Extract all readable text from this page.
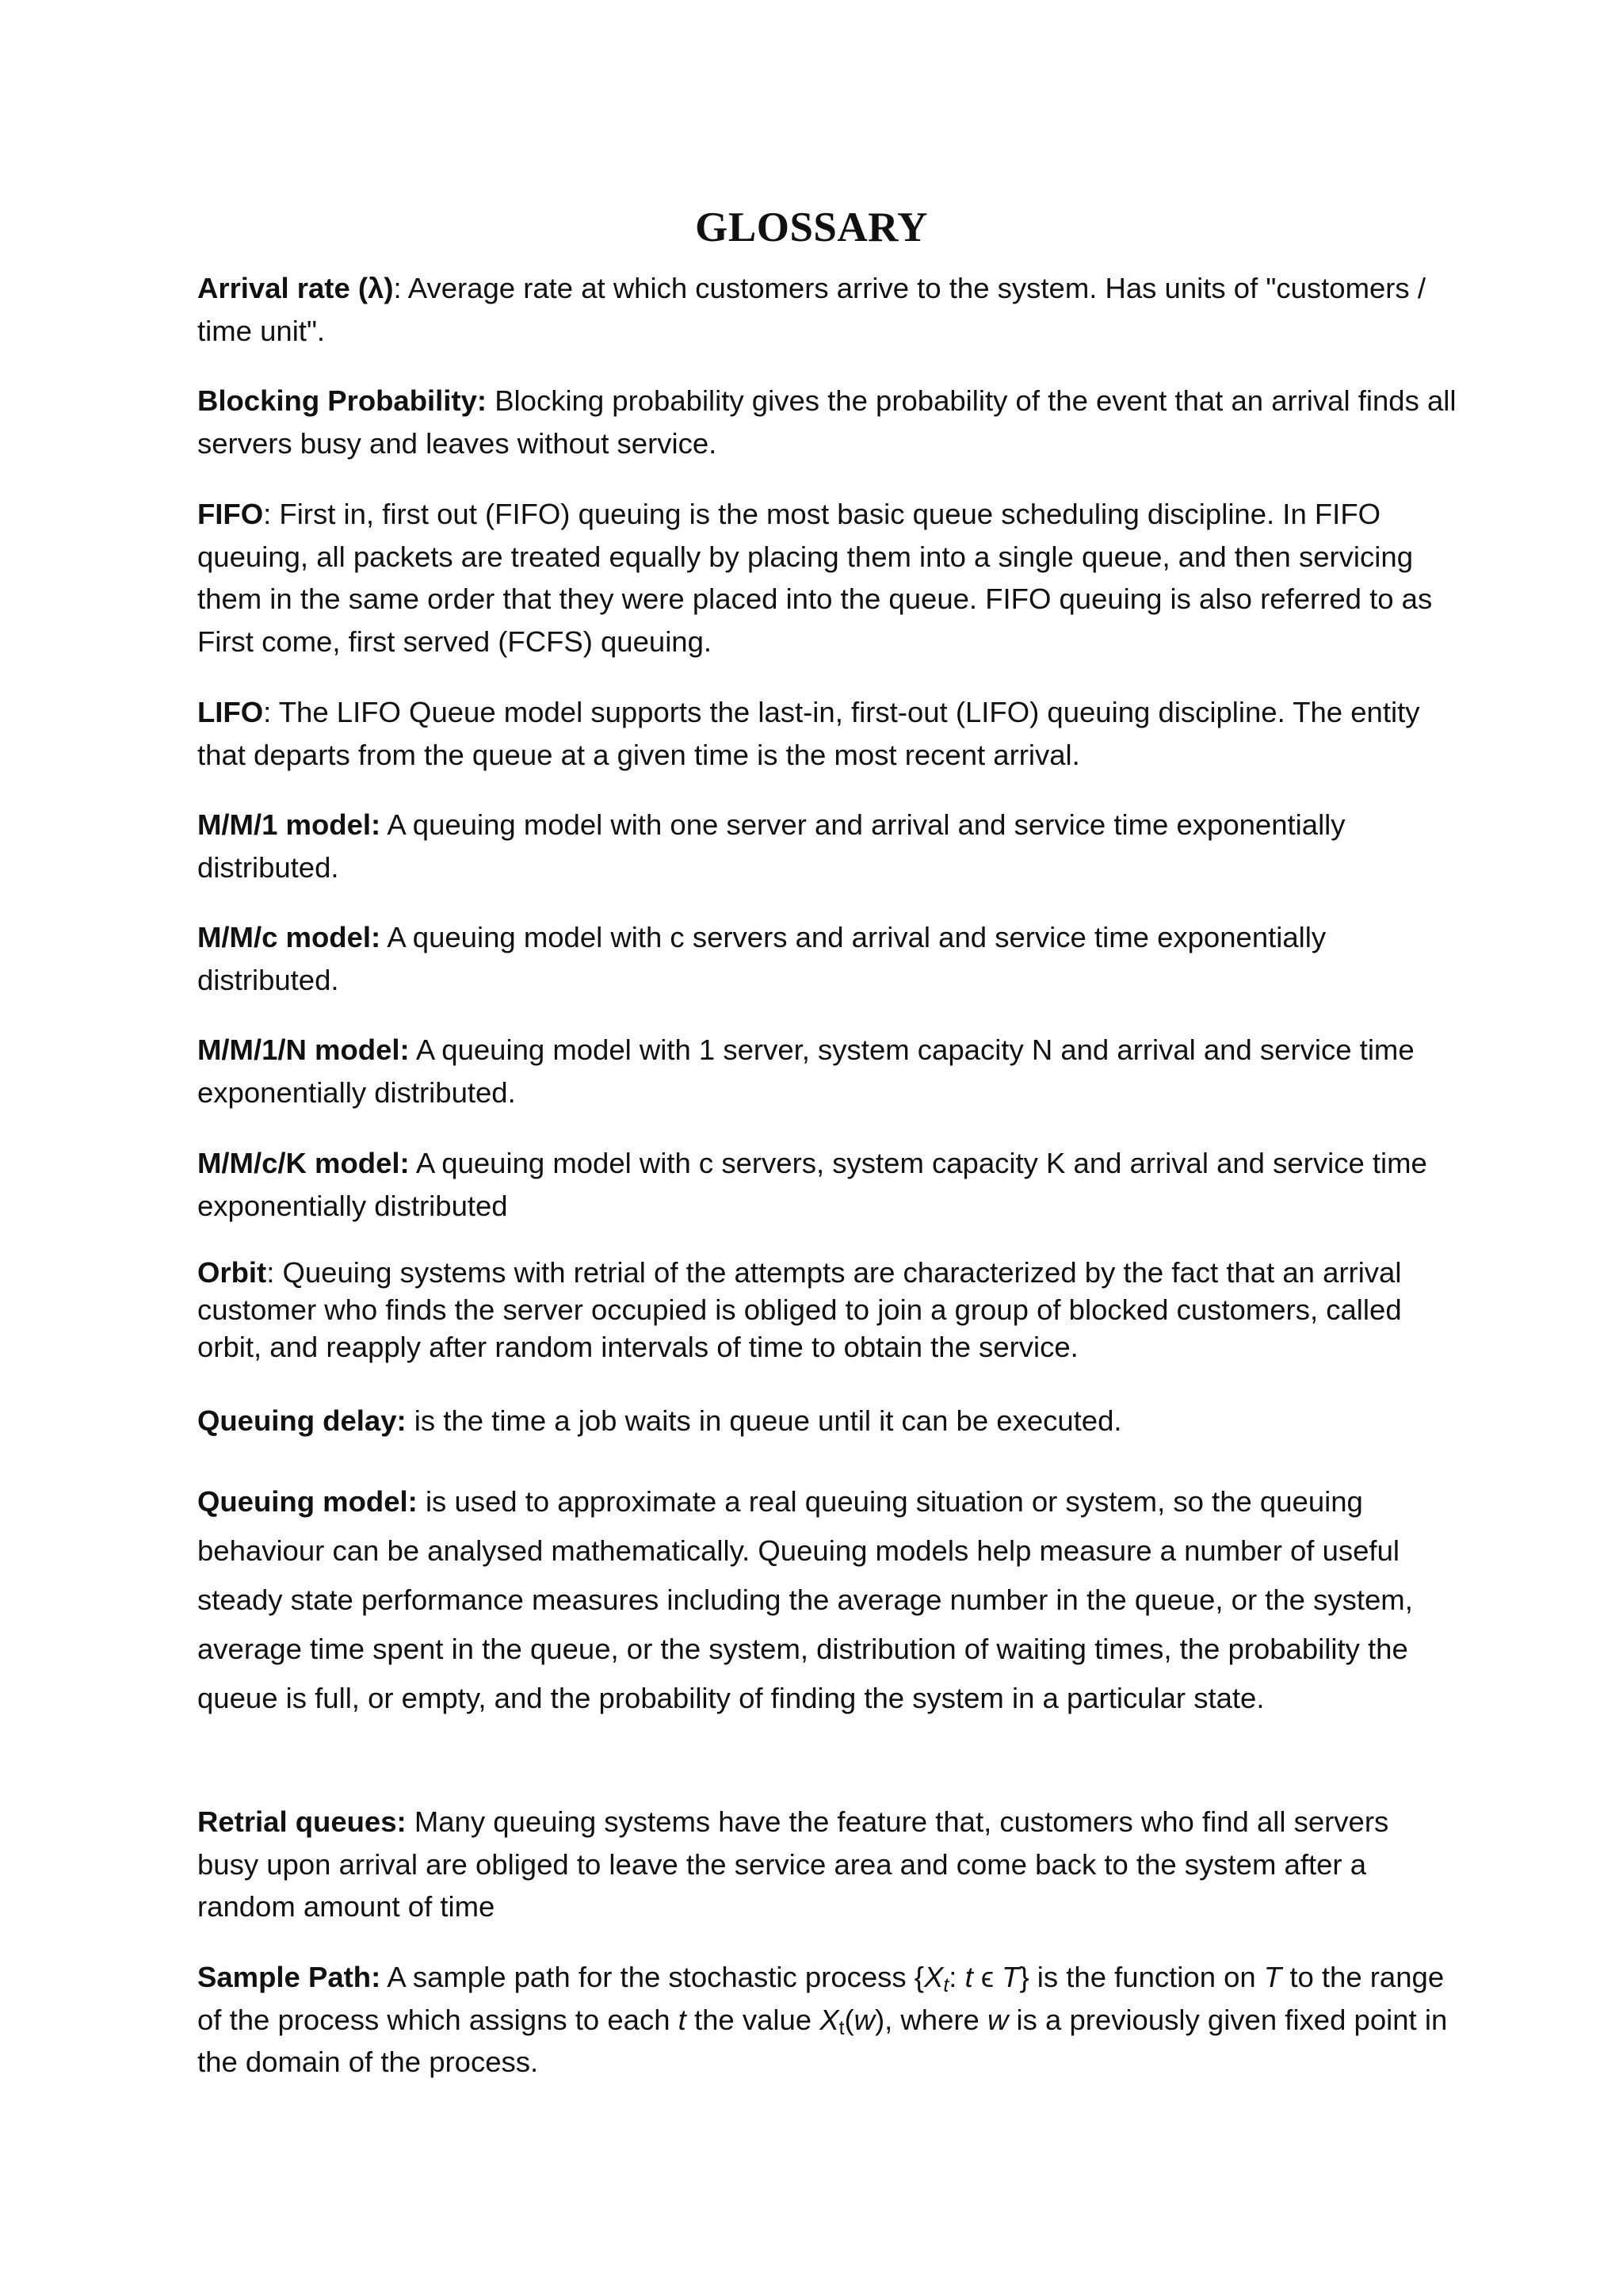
GLOSSARY

Arrival rate (λ): Average rate at which customers arrive to the system. Has units of "customers / time unit".

Blocking Probability: Blocking probability gives the probability of the event that an arrival finds all servers busy and leaves without service.

FIFO: First in, first out (FIFO) queuing is the most basic queue scheduling discipline. In FIFO queuing, all packets are treated equally by placing them into a single queue, and then servicing them in the same order that they were placed into the queue. FIFO queuing is also referred to as First come, first served (FCFS) queuing.

LIFO: The LIFO Queue model supports the last-in, first-out (LIFO) queuing discipline. The entity that departs from the queue at a given time is the most recent arrival.

M/M/1 model: A queuing model with one server and arrival and service time exponentially distributed.

M/M/c model: A queuing model with c servers and arrival and service time exponentially distributed.

M/M/1/N model: A queuing model with 1 server, system capacity N and arrival and service time exponentially distributed.

M/M/c/K model: A queuing model with c servers, system capacity K and arrival and service time exponentially distributed

Orbit: Queuing systems with retrial of the attempts are characterized by the fact that an arrival customer who finds the server occupied is obliged to join a group of blocked customers, called orbit, and reapply after random intervals of time to obtain the service.

Queuing delay: is the time a job waits in queue until it can be executed.

Queuing model: is used to approximate a real queuing situation or system, so the queuing behaviour can be analysed mathematically. Queuing models help measure a number of useful steady state performance measures including the average number in the queue, or the system, average time spent in the queue, or the system, distribution of waiting times, the probability the queue is full, or empty, and the probability of finding the system in a particular state.

Retrial queues: Many queuing systems have the feature that, customers who find all servers busy upon arrival are obliged to leave the service area and come back to the system after a random amount of time

Sample Path: A sample path for the stochastic process {$X_t$: t ϵ T} is the function on T to the range of the process which assigns to each t the value $X_t(w)$, where w is a previously given fixed point in the domain of the process.
